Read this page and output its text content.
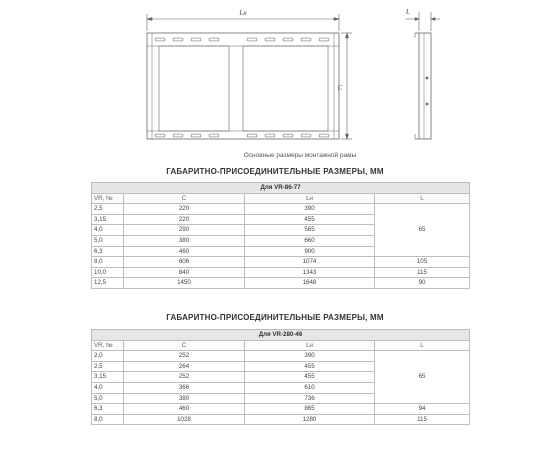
Lн
C
L
Основные размеры монтажной рамы
ГАБАРИТНО-ПРИСОЕДИНИТЕЛЬНЫЕ РАЗМЕРЫ, ММ
Для VR-86-77			
VR, №	C	Lн	L
2,5	220	390	65
3,15	220	455	
4,0	290	565	
5,0	380	660	
6,3	460	900	
8,0	606	1074	105
10,0	840	1343	115
12,5	1450	1648	90
ГАБАРИТНО-ПРИСОЕДИНИТЕЛЬНЫЕ РАЗМЕРЫ, ММ
Для VR-280-46			
VR, №	C	Lн	L
2,0	252	390	65
2,5	264	455	
3,15	252	455	
4,0	366	610	
5,0	380	736	
6,3	460	865	94
8,0	1028	1280	115
